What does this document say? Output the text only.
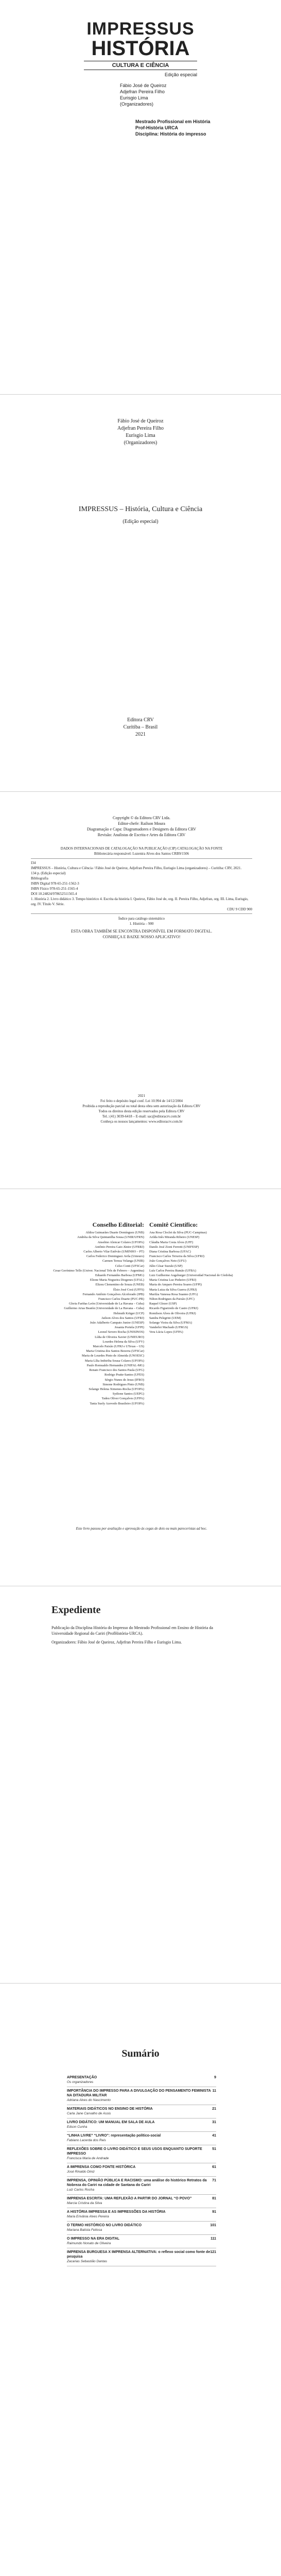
IMPRESSUS
HISTÓRIA
CULTURA E CIÊNCIA
Edição especial
Fábio José de Queiroz
Adjefran Pereira Filho
Eurisgio Lima
(Organizadores)
Mestrado Profissional em História
Prof-História URCA
Disciplina: História do impresso
Fábio José de Queiroz
Adjefran Pereira Filho
Eurisgio Lima
(Organizadores)
IMPRESSUS – História, Cultura e Ciência
(Edição especial)
Editora CRV
Curitiba – Brasil
2021
Copyright © da Editora CRV Ltda.
Editor-chefe: Railson Moura
Diagramação e Capa: Diagramadores e Designers da Editora CRV
Revisão: Analistas de Escrita e Artes da Editora CRV
DADOS INTERNACIONAIS DE CATALOGAÇÃO NA PUBLICAÇÃO (CIP) CATALOGAÇÃO NA FONTE
Bibliotecária responsável: Luzenira Alves dos Santos CRB9/1506
I34
IMPRESSUS – História, Cultura e Ciência / Fábio José de Queiroz, Adjefran Pereira Filho, Eurisgio Lima (organizadores) – Curitiba: CRV, 2021.
134 p. (Edição especial)
Bibliografia
ISBN Digital 978-65-251-1562-3
ISBN Físico 978-65-251-1565-4
DOI 10.24824/978652511565.4
1. História 2. Livro didático 3. Tempo histórico 4. Escrita da história I. Queiroz, Fábio José de, org. II. Pereira Filho, Adjefran, org. III. Lima, Eurisgio, org. IV. Título V. Série.
CDU 9 CDD 900
Índice para catálogo sistemático
1. História – 900
ESTA OBRA TAMBÉM SE ENCONTRA DISPONÍVEL EM FORMATO DIGITAL.
CONHEÇA E BAIXE NOSSO APLICATIVO!
2021
Foi feito o depósito legal conf. Lei 10.994 de 14/12/2004
Proibida a reprodução parcial ou total desta obra sem autorização da Editora CRV
Todos os direitos desta edição reservados pela Editora CRV
Tel.: (41) 3039-6418 – E-mail: sac@editoracrv.com.br
Conheça os nossos lançamentos: www.editoracrv.com.br
Conselho Editorial:
Aldira Guimarães Duarte Domínguez (UNB)
Andréia da Silva Quintanilha Sousa (UNIR/UFRN)
Anselmo Alencar Colares (UFOPA)
Antônio Pereira Gaio Júnior (UFRRJ)
Carlos Alberto Vilar Estêvão (UMINHO – PT)
Carlos Federico Dominguez Avila (Unieuro)
Carmen Tereza Velanga (UNIR)
Celso Conti (UFSCar)
Cesar Gerónimo Tello (Univer. Nacional Três de Febrero – Argentina)
Eduardo Fernandes Barbosa (UFMG)
Elione Maria Nogueira Diogenes (UFAL)
Elizeu Clementino de Souza (UNEB)
Élsio José Corá (UFFS)
Fernando Antônio Gonçalves Alcoforado (IPB)
Francisco Carlos Duarte (PUC-PR)
Gloria Fariñas León (Universidade de La Havana – Cuba)
Guillermo Arias Beatón (Universidade de La Havana – Cuba)
Helmuth Krüger (UCP)
Jailson Alves dos Santos (UFRJ)
João Adalberto Campato Junior (UNESP)
Josania Portela (UFPI)
Leonel Severo Rocha (UNISINOS)
Lídia de Oliveira Xavier (UNIEURO)
Lourdes Helena da Silva (UFV)
Marcelo Paixão (UFRJ e UTexas – US)
Maria Cristina dos Santos Bezerra (UFSCar)
Maria de Lourdes Pinto de Almeida (UNOESC)
Maria Lília Imbiriba Sousa Colares (UFOPA)
Paulo Romualdo Hernandes (UNIFAL-MG)
Renato Francisco dos Santos Paula (UFG)
Rodrigo Pratte-Santos (UFES)
Sérgio Nunes de Jesus (IFRO)
Simone Rodrigues Pinto (UNB)
Solange Helena Ximenes-Rocha (UFOPA)
Sydione Santos (UEPG)
Tadeu Oliver Gonçalves (UFPA)
Tania Suely Azevedo Brasileiro (UFOPA)
Comitê Científico:
Ana Rosa Cloclet da Silva (PUC-Campinas)
Arilda Inês Miranda Ribeiro (UNESP)
Cláudia Maria Costa Alves (UFF)
Danilo José Zioni Ferretti (UNIFESP)
Diana Cristina Barbosa (UFAC)
Francisco Carlos Teixeira da Silva (UFRJ)
João Gonçalves Neto (UFU)
Júlio César Suzuki (USP)
Luís Carlos Pereira Rumão (UFBA)
Luiz Guilherme Augsburger (Universidad Nacional de Córdoba)
Maria Cristina Luz Pinheiro (UFRJ)
Maria do Amparo Pereira Soares (UFPI)
Maria Luiza da Silva Guerra (UFRJ)
Marilza Vanessa Rosa Suanno (UFG)
Nilton Rodrigues da Paixão (UFC)
Raquel Glezer (USP)
Ricardo Figueiredo de Castro (UFRJ)
Romilson Alves de Oliveira (UFRJ)
Sandra Pelegrini (UEM)
Solange Vieira da Silva (UFMA)
Vanderlei Machado (UFRGS)
Vera Lúcia Lopes (UFPA)
Este livro passou por avaliação e aprovação às cegas de dois ou mais pareceristas ad hoc.
Expediente

Publicação da Disciplina História do Impresso do Mestrado Profissional em Ensino de História da Universidade Regional do Cariri (ProfHistória-URCA).

Organizadores: Fábio José de Queiroz, Adjefran Pereira Filho e Eurisgio Lima.

Sumário
APRESENTAÇÃO	9
Os organizadores
IMPORTÂNCIA DO IMPRESSO PARA A DIVULGAÇÃO DO PENSAMENTO FEMINISTA NA DITADURA MILITAR
11
Adriana Alves do Nascimento
MATERIAIS DIDÁTICOS NO ENSINO DE HISTÓRIA	21
Carla Jane Carvalho de Assis
LIVRO DIDÁTICO: UM MANUAL EM SALA DE AULA	31
Edson Cunha
“LINHA LIVRE” “LIVRO”: representação político-social	41
Fabiano Lacerda dos Reis
REFLEXÕES SOBRE O LIVRO DIDÁTICO E SEUS USOS ENQUANTO SUPORTE IMPRESSO
51
Francisca Maria de Andrade
A IMPRENSA COMO FONTE HISTÓRICA	61
José Rinaldo Diniz
IMPRENSA, OPINIÃO PÚBLICA E RACISMO: uma análise do histórico Retratos da Nobreza do Cariri na cidade de Santana do Cariri
71
Luiz Carlos Rocha
IMPRENSA ESCRITA: UMA REFLEXÃO A PARTIR DO JORNAL “O POVO”	81
Marcia Cristina da Silva
A HISTÓRIA IMPRESSA E AS IMPRESSÕES DA HISTÓRIA	91
Maria Erivânia Alves Pereira
O TERMO HISTÓRICO NO LIVRO DIDÁTICO	101
Mariana Batista Feitosa
O IMPRESSO NA ERA DIGITAL	111
Raimundo Nonato de Oliveira
IMPRENSA BURGUESA X IMPRENSA ALTERNATIVA: o reflexo social como fonte de pesquisa
121
Zacarias Sebastião Dantas
